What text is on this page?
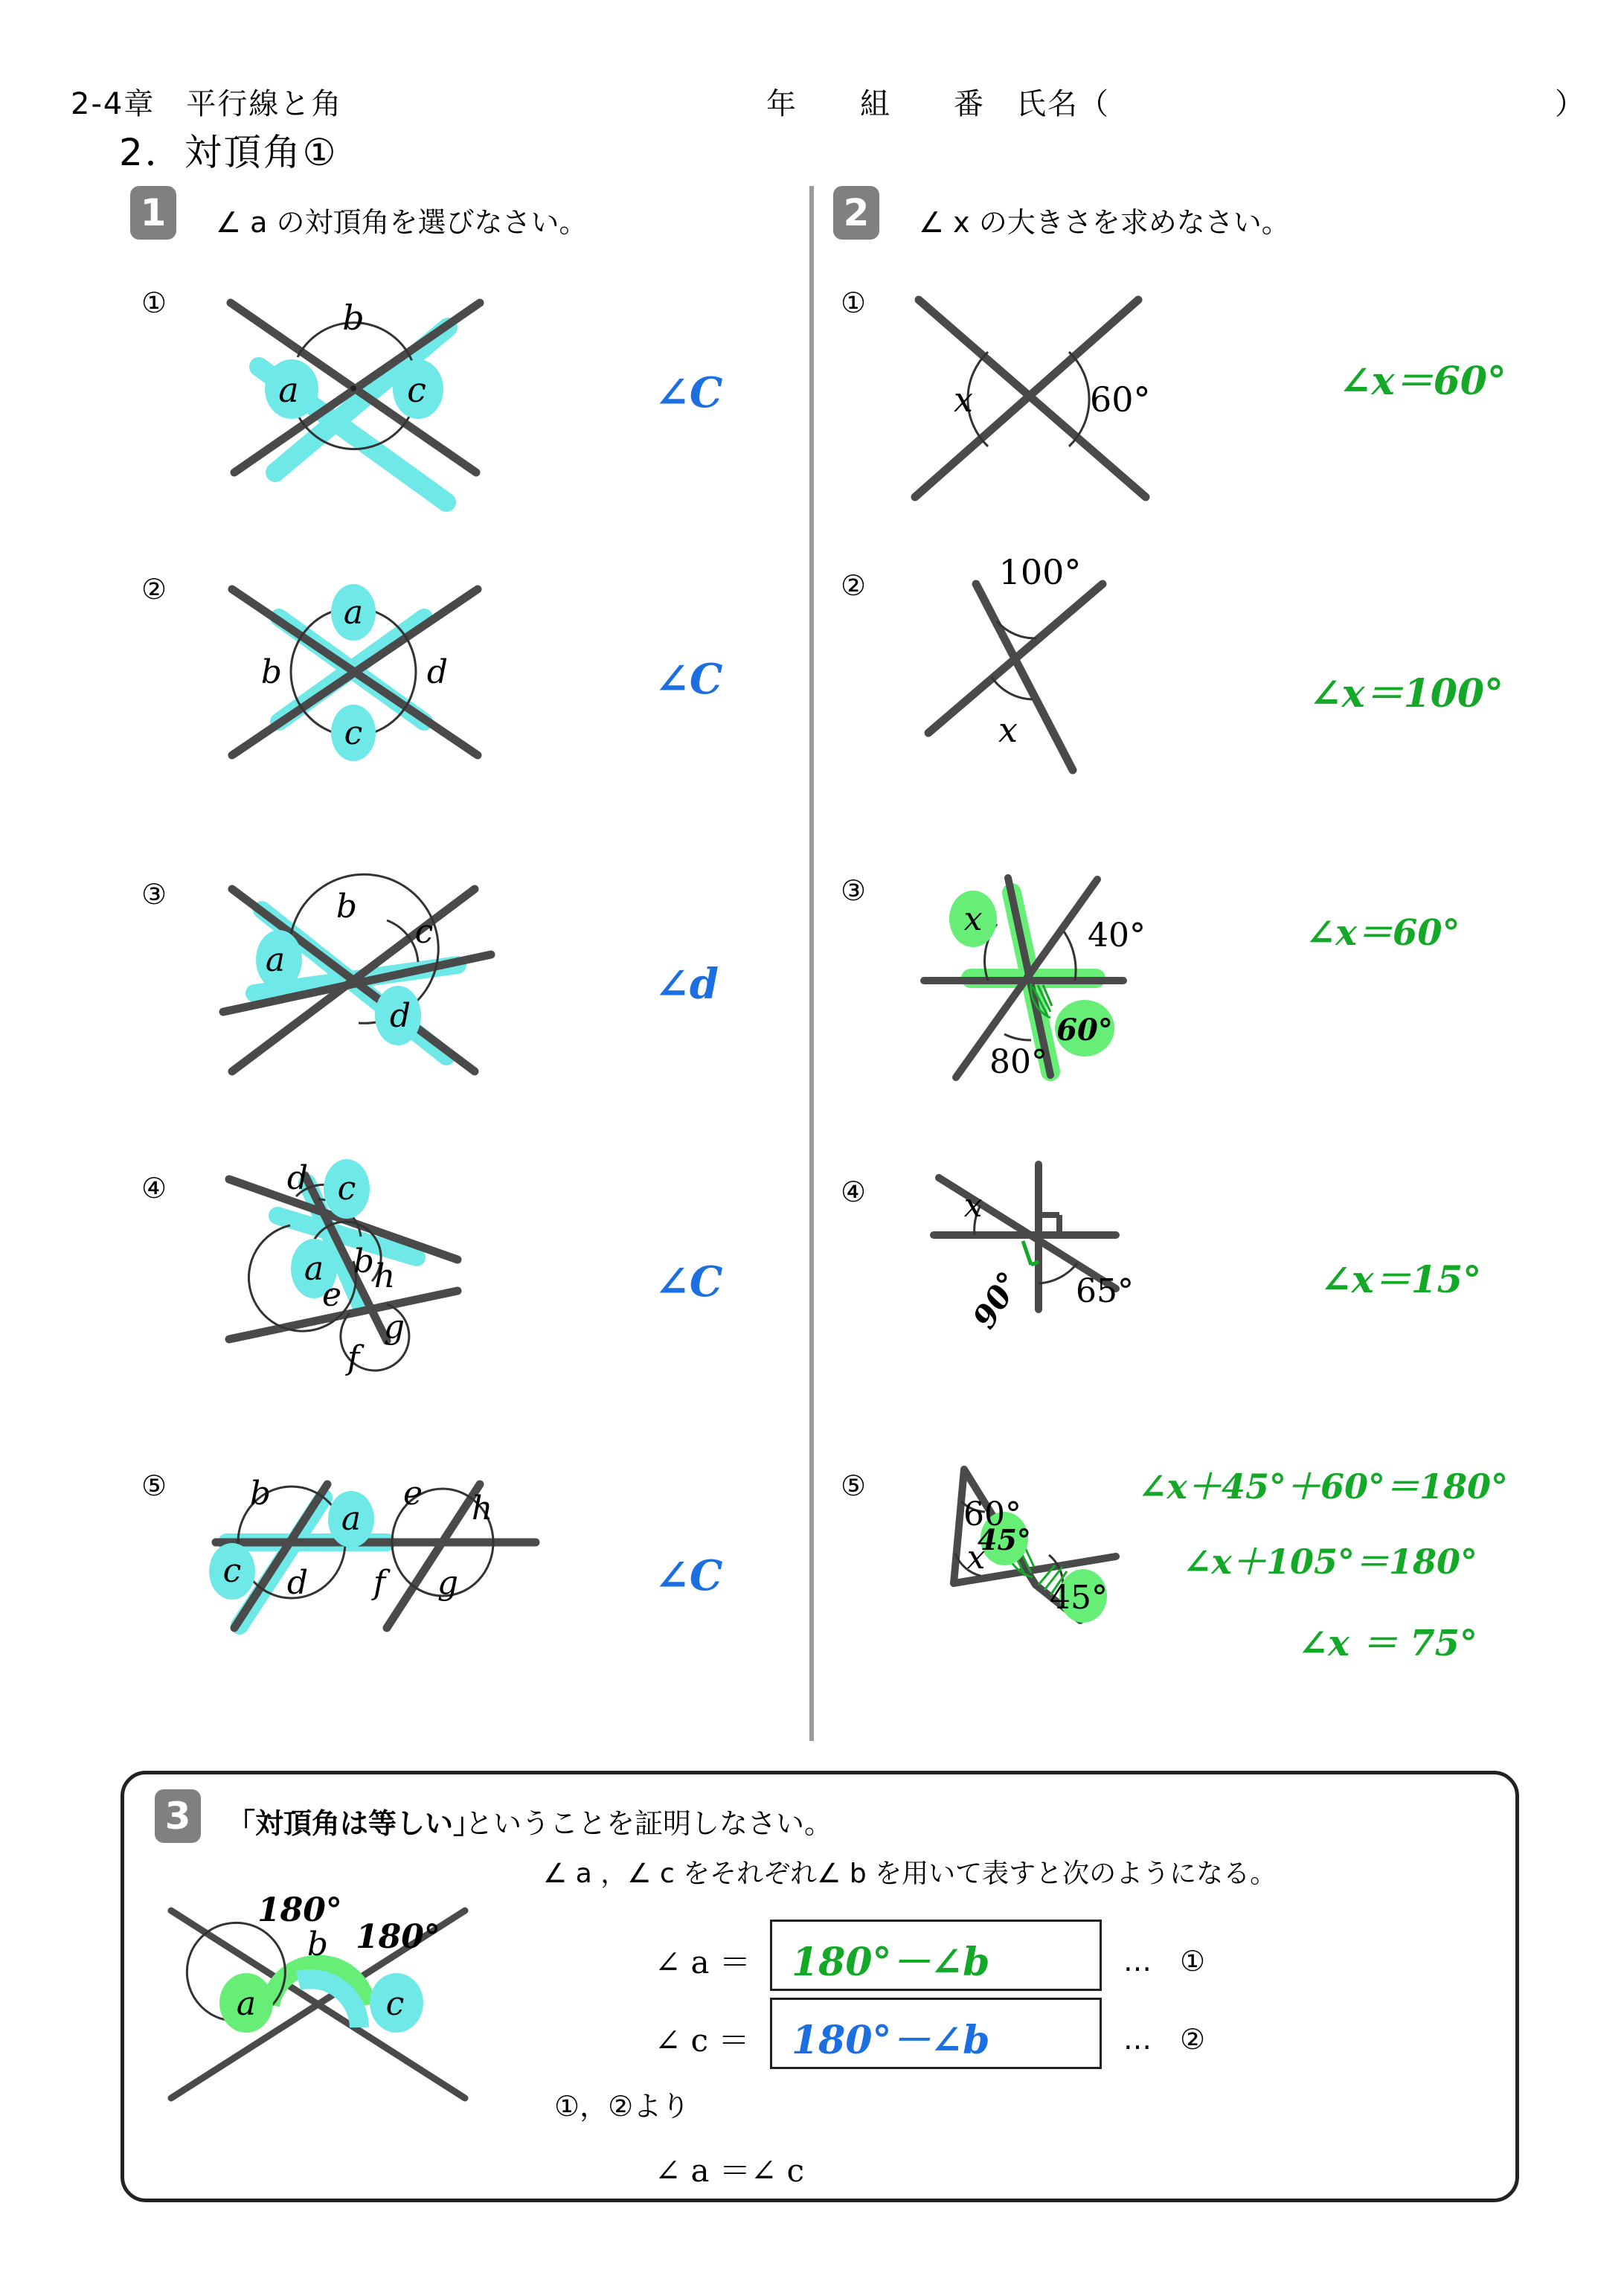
2-4章　平行線と角	年　　組　　番　氏名（	）
2．対頂角①
1	∠ a の対頂角を選びなさい。
①
a
b
c	∠C
②
a
b
c
d	∠C
③
a
b
c
d
∠d
④	d c
a b h
e
g
f
∠C
⑤	b
a
c d f
e h
g	∠C
2	∠ x の大きさを求めなさい。
①
x	60°	∠x＝60°
②	100°
x
∠x＝100°
③
x	40°
80°
60°
∠x＝60°
④	x
65°
90°	∠x＝15°
⑤
60°
x
45°
45°
∠x＋45°＋60°＝180°
∠x＋105°＝180°
∠x ＝ 75°
3	「対頂角は等しい」
ということを証明しなさい。
a
b
c
180°
180°
∠ a ，∠ c をそれぞれ∠ b を用いて表すと次のようになる。
∠ a ＝	180°－∠b	…　①
∠ c ＝	180°－∠b	…　②
①，②より
∠ a ＝∠ c
